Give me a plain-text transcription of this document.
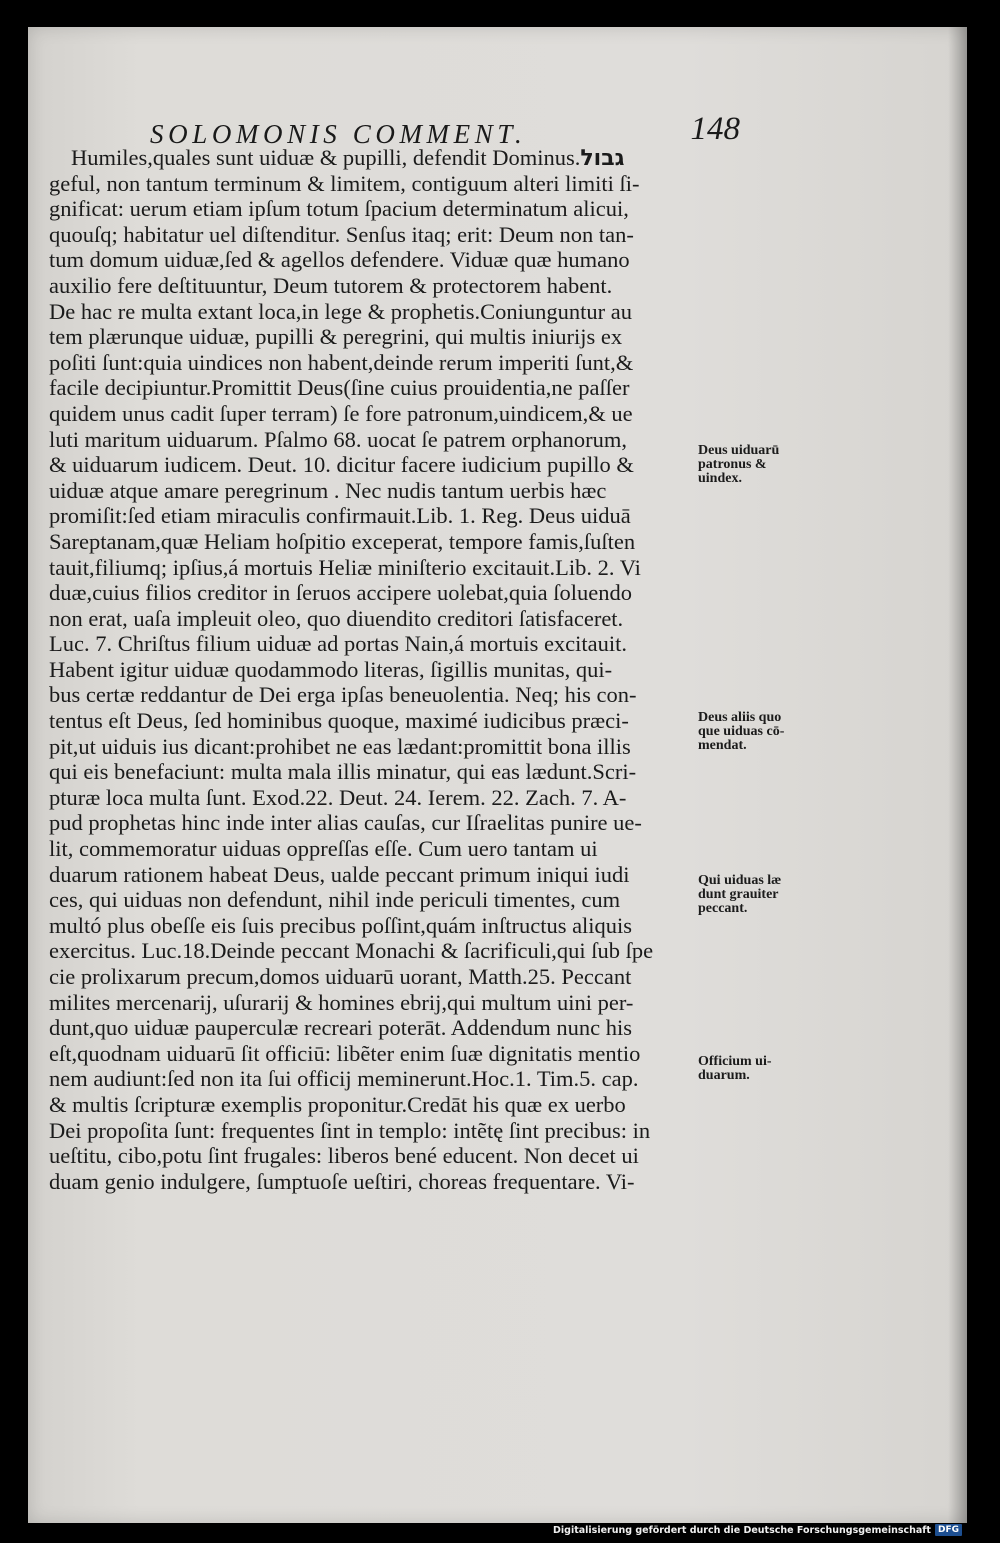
SOLOMONIS COMMENT.	148
Humiles,quales sunt uiduæ & pupilli, defendit Dominus.גבול
geful, non tantum terminum & limitem, contiguum alteri limiti ſi-
gnificat: uerum etiam ipſum totum ſpacium determinatum alicui,
quouſq; habitatur uel diſtenditur. Senſus itaq; erit: Deum non tan-
tum domum uiduæ,ſed & agellos defendere. Viduæ quæ humano
auxilio fere deſtituuntur, Deum tutorem & protectorem habent.
De hac re multa extant loca,in lege & prophetis.Coniunguntur au
tem plærunque uiduæ, pupilli & peregrini, qui multis iniurijs ex
poſiti ſunt:quia uindices non habent,deinde rerum imperiti ſunt,&
facile decipiuntur.Promittit Deus(ſine cuius prouidentia,ne paſſer
quidem unus cadit ſuper terram) ſe fore patronum,uindicem,& ue
luti maritum uiduarum. Pſalmo 68. uocat ſe patrem orphanorum,
& uiduarum iudicem. Deut. 10. dicitur facere iudicium pupillo &
uiduæ atque amare peregrinum . Nec nudis tantum uerbis hæc
promiſit:ſed etiam miraculis confirmauit.Lib. 1. Reg. Deus uiduā
Sareptanam,quæ Heliam hoſpitio exceperat, tempore famis,ſuſten
tauit,filiumq; ipſius,á mortuis Heliæ miniſterio excitauit.Lib. 2. Vi
duæ,cuius filios creditor in ſeruos accipere uolebat,quia ſoluendo
non erat, uaſa impleuit oleo, quo diuendito creditori ſatisfaceret.
Luc. 7. Chriſtus filium uiduæ ad portas Nain,á mortuis excitauit.
Habent igitur uiduæ quodammodo literas, ſigillis munitas, qui-
bus certæ reddantur de Dei erga ipſas beneuolentia. Neq; his con-
tentus eſt Deus, ſed hominibus quoque, maximé iudicibus præci-
pit,ut uiduis ius dicant:prohibet ne eas lædant:promittit bona illis
qui eis benefaciunt: multa mala illis minatur, qui eas lædunt.Scri-
pturæ loca multa ſunt. Exod.22. Deut. 24. Ierem. 22. Zach. 7. A-
pud prophetas hinc inde inter alias cauſas, cur Iſraelitas punire ue-
lit, commemoratur uiduas oppreſſas eſſe. Cum uero tantam ui
duarum rationem habeat Deus, ualde peccant primum iniqui iudi
ces, qui uiduas non defendunt, nihil inde periculi timentes, cum
multó plus obeſſe eis ſuis precibus poſſint,quám inſtructus aliquis
exercitus. Luc.18.Deinde peccant Monachi & ſacrificuli,qui ſub ſpe
cie prolixarum precum,domos uiduarū uorant, Matth.25. Peccant
milites mercenarij, uſurarij & homines ebrij,qui multum uini per-
dunt,quo uiduæ pauperculæ recreari poterāt. Addendum nunc his
eſt,quodnam uiduarū ſit officiū: libẽter enim ſuæ dignitatis mentio
nem audiunt:ſed non ita ſui officij meminerunt.Hoc.1. Tim.5. cap.
& multis ſcripturæ exemplis proponitur.Credāt his quæ ex uerbo
Dei propoſita ſunt: frequentes ſint in templo: intẽtę ſint precibus: in
ueſtitu, cibo,potu ſint frugales: liberos bené educent. Non decet ui
duam genio indulgere, ſumptuoſe ueſtiri, choreas frequentare. Vi-
Deus uiduarū
patronus &
uindex.
Deus aliis quo
que uiduas cō-
mendat.
Qui uiduas læ
dunt grauiter
peccant.
Officium ui-
duarum.
Digitalisierung gefördert durch die Deutsche Forschungsgemeinschaft DFG
